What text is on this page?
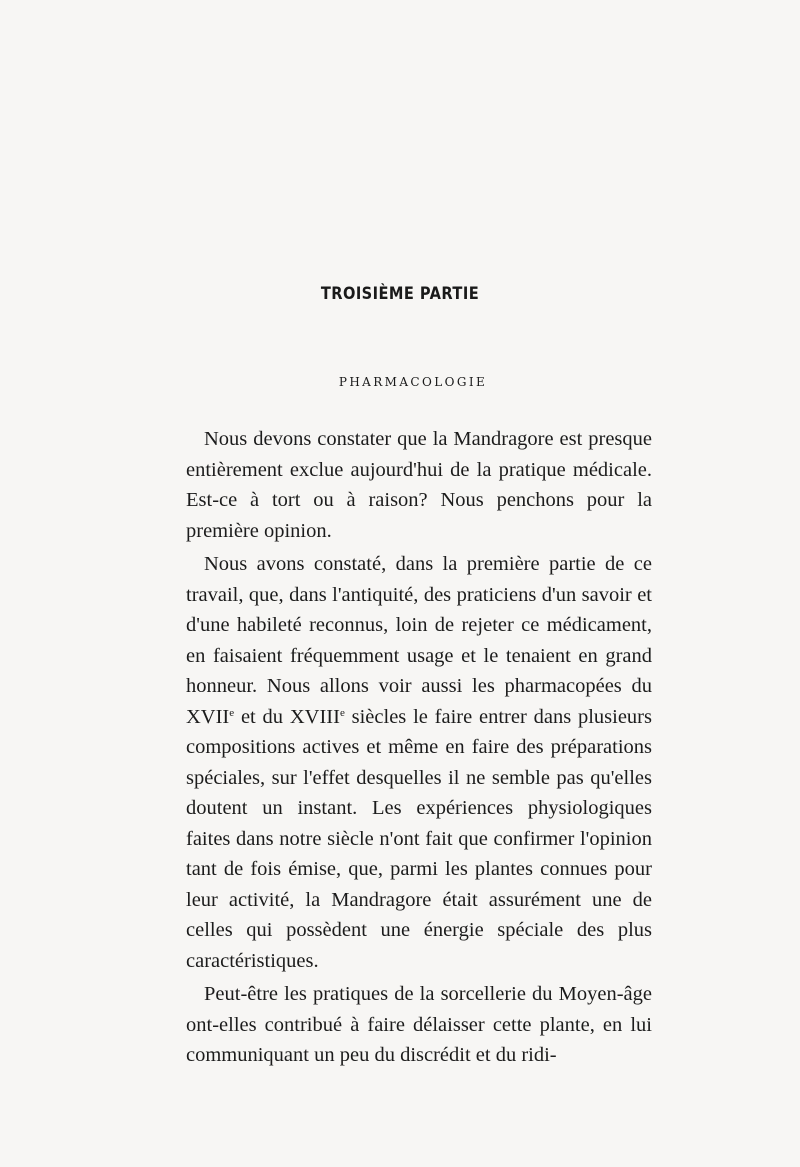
TROISIÈME PARTIE
PHARMACOLOGIE

Nous devons constater que la Mandragore est presque entièrement exclue aujourd'hui de la pratique médicale. Est-ce à tort ou à raison? Nous penchons pour la première opinion.

Nous avons constaté, dans la première partie de ce travail, que, dans l'antiquité, des praticiens d'un savoir et d'une habileté reconnus, loin de rejeter ce médicament, en faisaient fréquemment usage et le tenaient en grand honneur. Nous allons voir aussi les pharmacopées du XVIIe et du XVIIIe siècles le faire entrer dans plusieurs compositions actives et même en faire des préparations spéciales, sur l'effet desquelles il ne semble pas qu'elles doutent un instant. Les expériences physiologiques faites dans notre siècle n'ont fait que confirmer l'opinion tant de fois émise, que, parmi les plantes connues pour leur activité, la Mandragore était assurément une de celles qui possèdent une énergie spéciale des plus caractéristiques.

Peut-être les pratiques de la sorcellerie du Moyen-âge ont-elles contribué à faire délaisser cette plante, en lui communiquant un peu du discrédit et du ridi-
